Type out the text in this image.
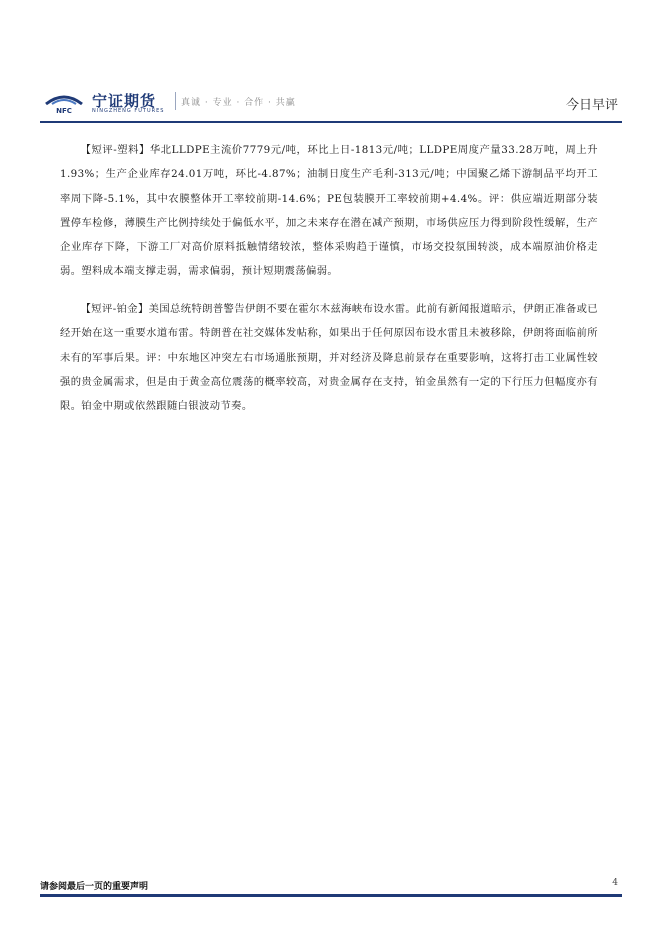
NFC
宁证期货
NINGZHENG FUTURES
真诚 · 专业 · 合作 · 共赢	今日早评

【短评-塑料】华北LLDPE主流价7779元/吨，环比上日-1813元/吨；LLDPE周度产量33.28万吨，周上升1.93%；生产企业库存24.01万吨，环比-4.87%；油制日度生产毛利-313元/吨；中国聚乙烯下游制品平均开工率周下降-5.1%，其中农膜整体开工率较前期-14.6%；PE包装膜开工率较前期+4.4%。评：供应端近期部分装置停车检修，薄膜生产比例持续处于偏低水平，加之未来存在潜在减产预期，市场供应压力得到阶段性缓解，生产企业库存下降，下游工厂对高价原料抵触情绪较浓，整体采购趋于谨慎，市场交投氛围转淡，成本端原油价格走弱。塑料成本端支撑走弱，需求偏弱，预计短期震荡偏弱。

【短评-铂金】美国总统特朗普警告伊朗不要在霍尔木兹海峡布设水雷。此前有新闻报道暗示，伊朗正准备或已经开始在这一重要水道布雷。特朗普在社交媒体发帖称，如果出于任何原因布设水雷且未被移除，伊朗将面临前所未有的军事后果。评：中东地区冲突左右市场通胀预期，并对经济及降息前景存在重要影响，这将打击工业属性较强的贵金属需求，但是由于黄金高位震荡的概率较高，对贵金属存在支持，铂金虽然有一定的下行压力但幅度亦有限。铂金中期或依然跟随白银波动节奏。

请参阅最后一页的重要声明	4
